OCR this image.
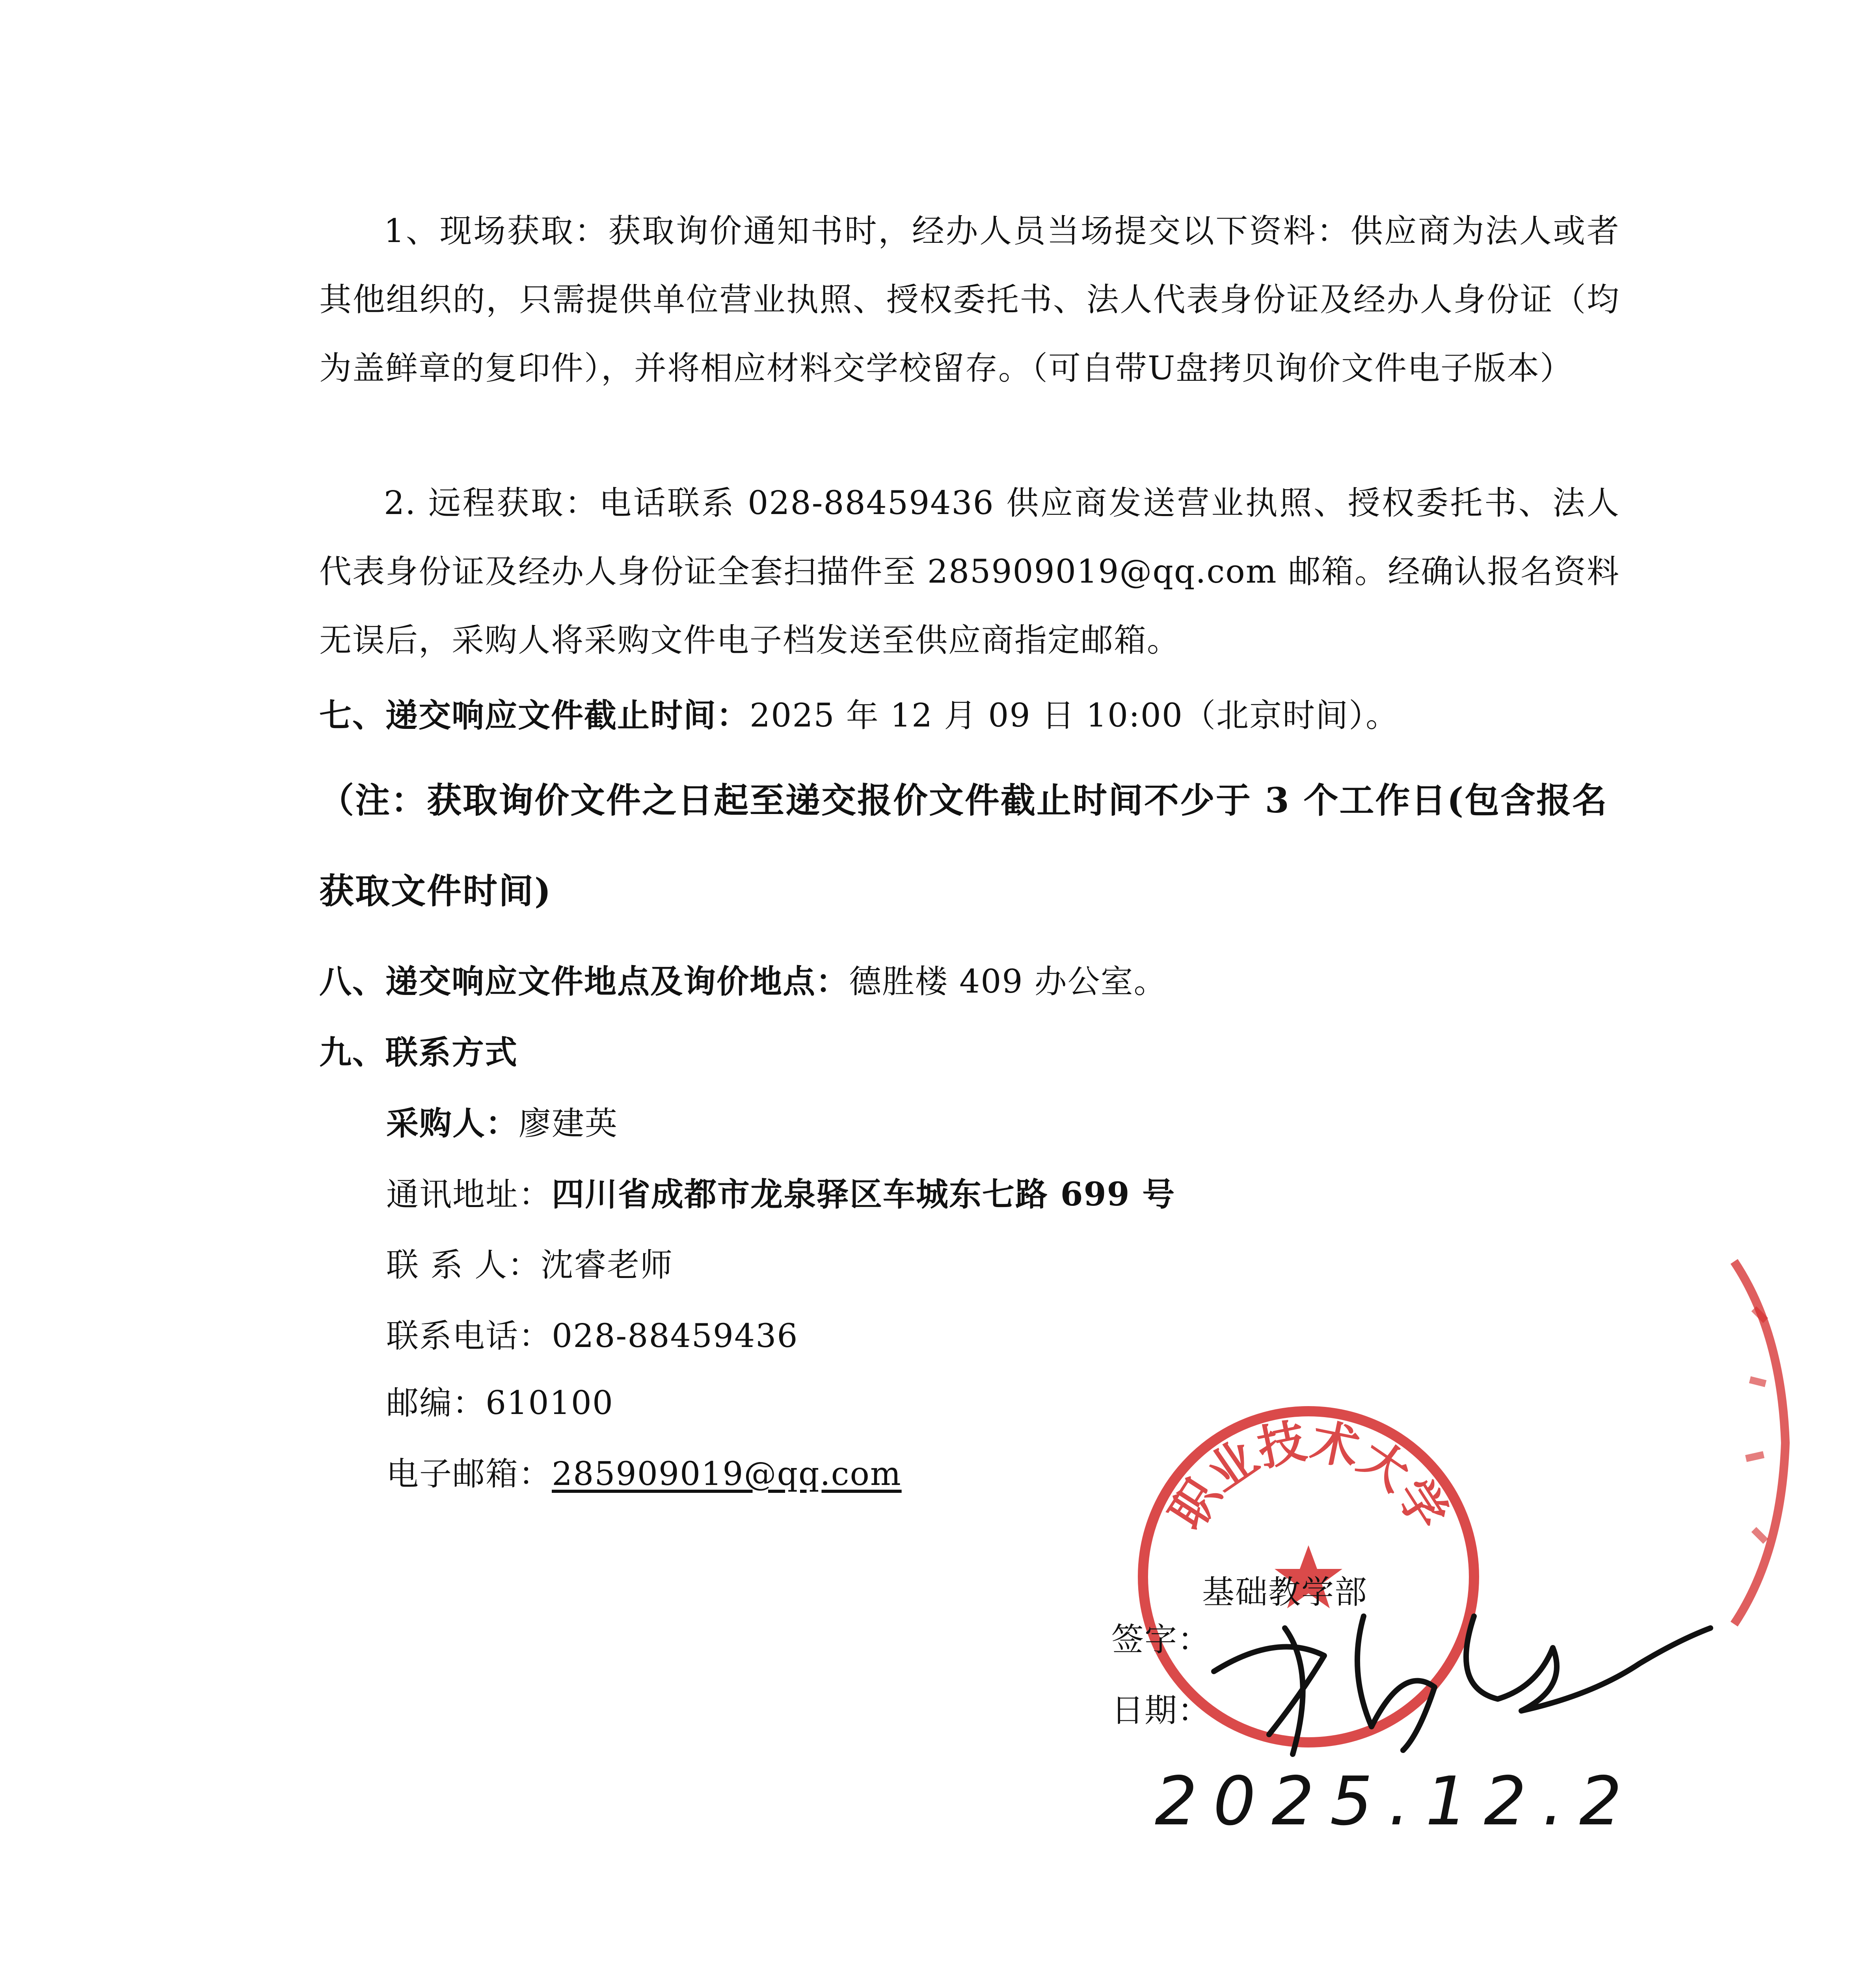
1、现场获取：获取询价通知书时，经办人员当场提交以下资料：供应商为法人或者其他组织的，只需提供单位营业执照、授权委托书、法人代表身份证及经办人身份证（均为盖鲜章的复印件），并将相应材料交学校留存。（可自带U盘拷贝询价文件电子版本）
2. 远程获取：电话联系 028-88459436 供应商发送营业执照、授权委托书、法人代表身份证及经办人身份证全套扫描件至 285909019@qq.com 邮箱。经确认报名资料无误后，采购人将采购文件电子档发送至供应商指定邮箱。
七、递交响应文件截止时间：2025 年 12 月 09 日 10:00（北京时间）。
（注：获取询价文件之日起至递交报价文件截止时间不少于 3 个工作日(包含报名获取文件时间)
八、递交响应文件地点及询价地点：德胜楼 409 办公室。
九、联系方式
采购人：廖建英
通讯地址：四川省成都市龙泉驿区车城东七路 699 号
联 系 人：沈睿老师
联系电话：028-88459436
邮编：610100
电子邮箱：285909019@qq.com	职业技术大学
基础教学部
签字：
日期：
2025.12.2
